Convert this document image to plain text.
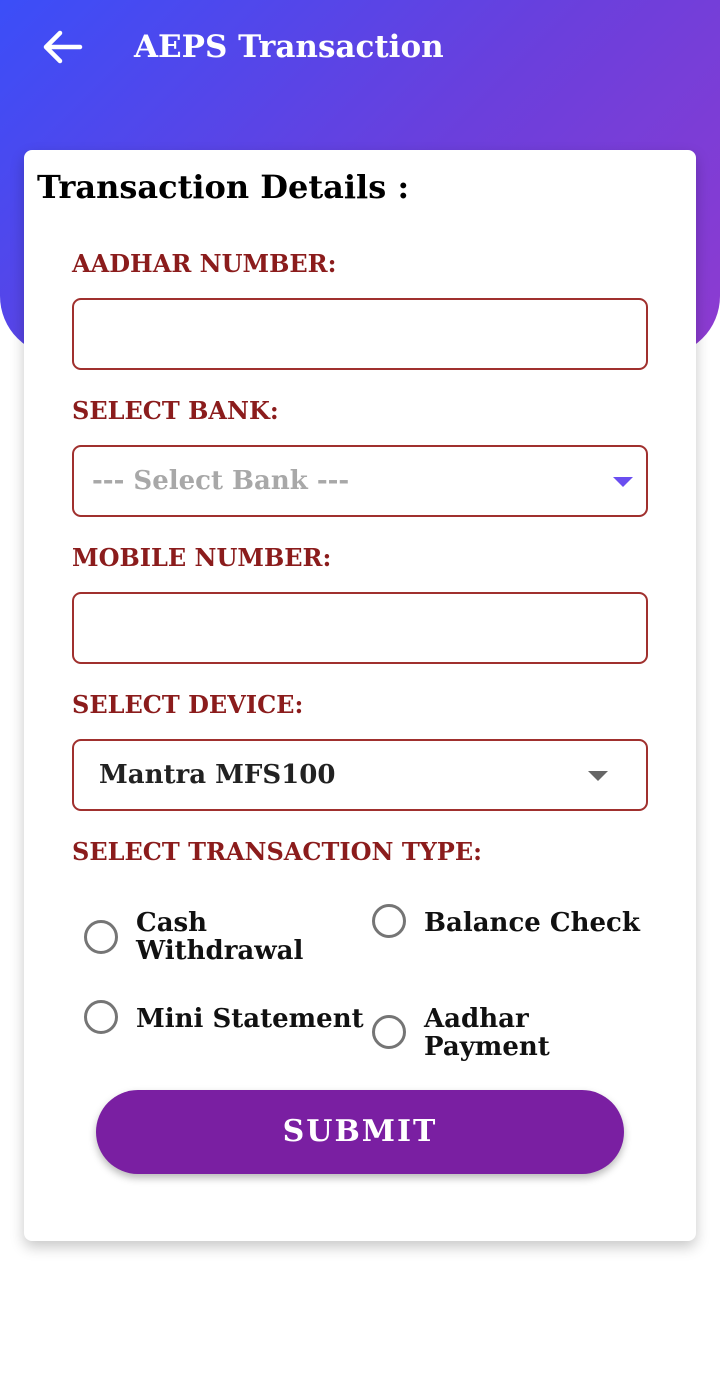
AEPS Transaction
Transaction Details :
AADHAR NUMBER:
SELECT BANK:
--- Select Bank ---
MOBILE NUMBER:
SELECT DEVICE:
Mantra MFS100
SELECT TRANSACTION TYPE:
Cash
Withdrawal
Balance Check
Mini Statement Aadhar
Payment
SUBMIT
